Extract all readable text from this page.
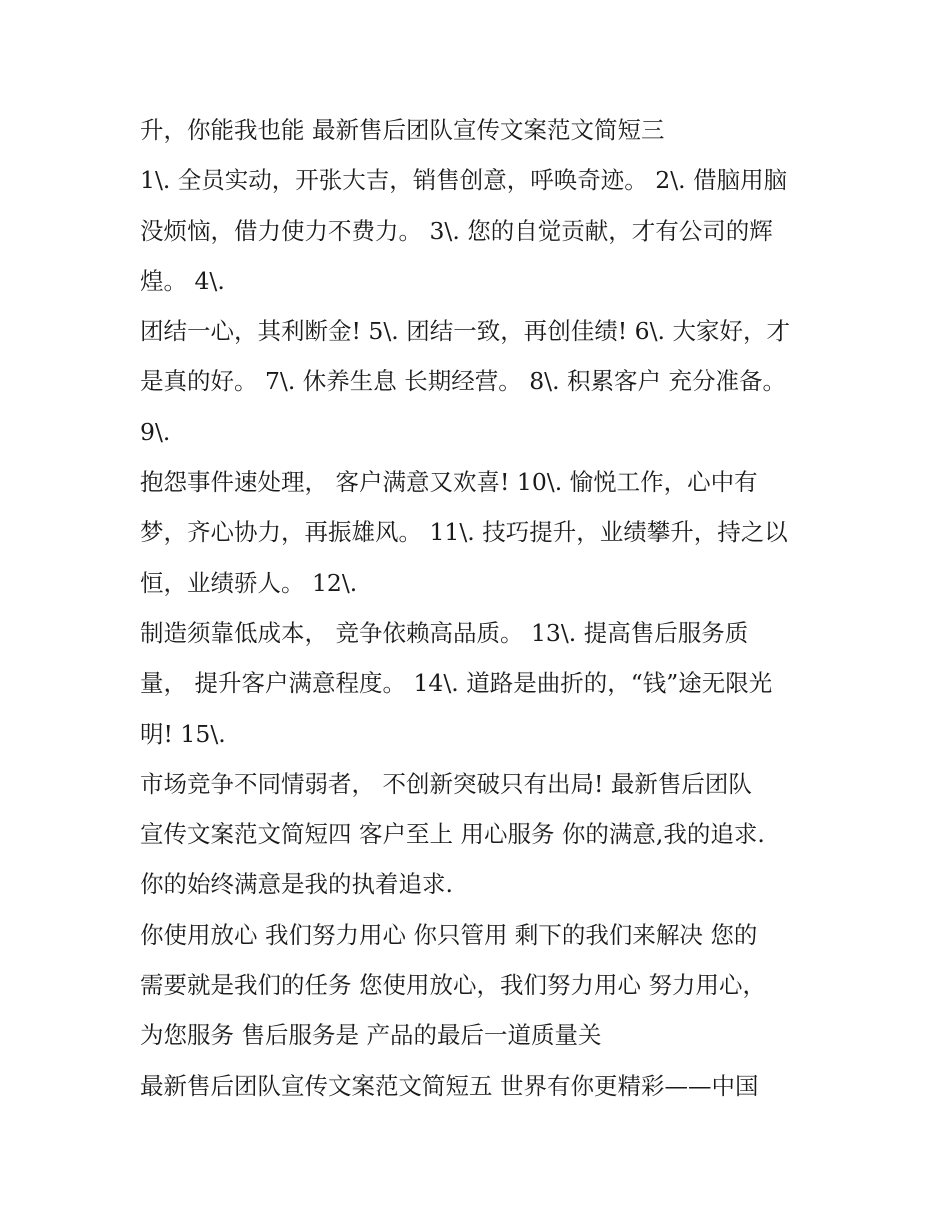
升，你能我也能 最新售后团队宣传文案范文简短三
1\. 全员实动，开张大吉，销售创意，呼唤奇迹。 2\. 借脑用脑
没烦恼，借力使力不费力。 3\. 您的自觉贡献，才有公司的辉
煌。 4\.
团结一心，其利断金! 5\. 团结一致，再创佳绩! 6\. 大家好，才
是真的好。 7\. 休养生息 长期经营。 8\. 积累客户 充分准备。
9\.
抱怨事件速处理， 客户满意又欢喜! 10\. 愉悦工作，心中有
梦，齐心协力，再振雄风。 11\. 技巧提升，业绩攀升，持之以
恒，业绩骄人。 12\.
制造须靠低成本， 竞争依赖高品质。 13\. 提高售后服务质
量， 提升客户满意程度。 14\. 道路是曲折的，“钱”途无限光
明! 15\.
市场竞争不同情弱者， 不创新突破只有出局! 最新售后团队
宣传文案范文简短四 客户至上 用心服务 你的满意,我的追求.
你的始终满意是我的执着追求.
你使用放心 我们努力用心 你只管用 剩下的我们来解决 您的
需要就是我们的任务 您使用放心，我们努力用心 努力用心，
为您服务 售后服务是 产品的最后一道质量关
最新售后团队宣传文案范文简短五 世界有你更精彩——中国
